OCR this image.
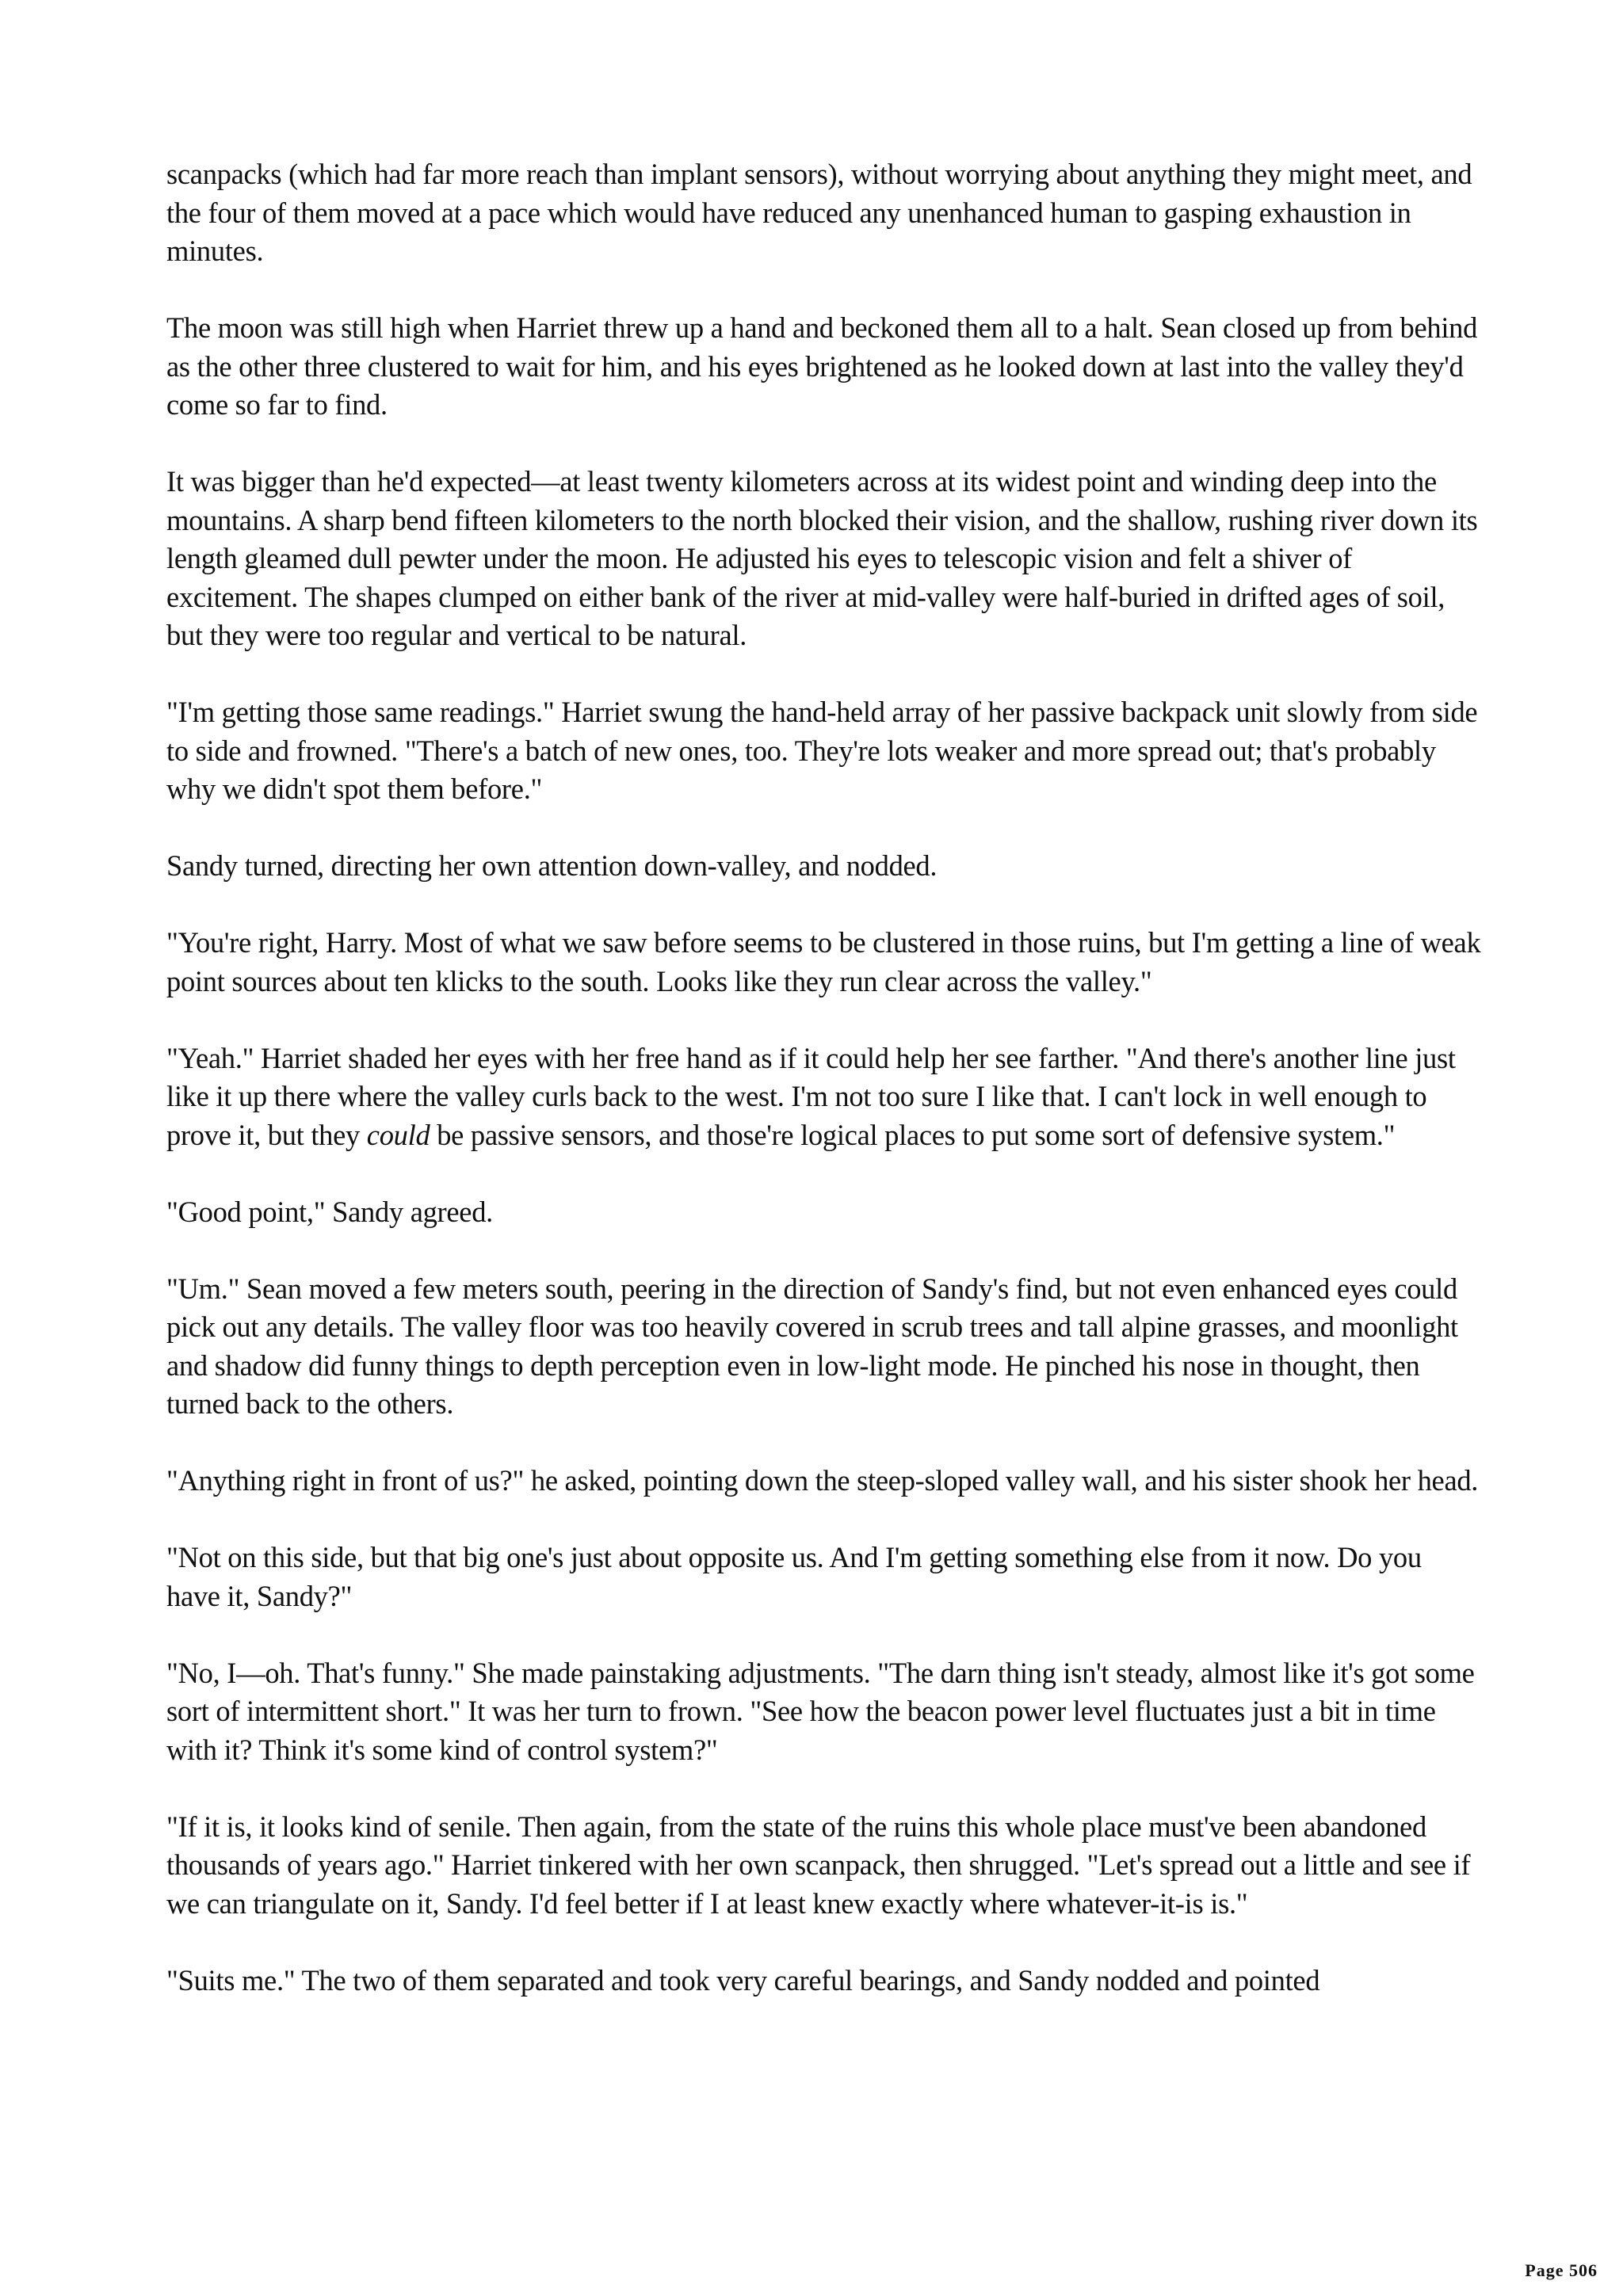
scanpacks (which had far more reach than implant sensors), without worrying about anything they might meet, and the four of them moved at a pace which would have reduced any unenhanced human to gasping exhaustion in minutes.

The moon was still high when Harriet threw up a hand and beckoned them all to a halt. Sean closed up from behind as the other three clustered to wait for him, and his eyes brightened as he looked down at last into the valley they'd come so far to find.

It was bigger than he'd expected—at least twenty kilometers across at its widest point and winding deep into the mountains. A sharp bend fifteen kilometers to the north blocked their vision, and the shallow, rushing river down its length gleamed dull pewter under the moon. He adjusted his eyes to telescopic vision and felt a shiver of excitement. The shapes clumped on either bank of the river at mid-valley were half-buried in drifted ages of soil, but they were too regular and vertical to be natural.

"I'm getting those same readings." Harriet swung the hand-held array of her passive backpack unit slowly from side to side and frowned. "There's a batch of new ones, too. They're lots weaker and more spread out; that's probably why we didn't spot them before."

Sandy turned, directing her own attention down-valley, and nodded.

"You're right, Harry. Most of what we saw before seems to be clustered in those ruins, but I'm getting a line of weak point sources about ten klicks to the south. Looks like they run clear across the valley."

"Yeah." Harriet shaded her eyes with her free hand as if it could help her see farther. "And there's another line just like it up there where the valley curls back to the west. I'm not too sure I like that. I can't lock in well enough to prove it, but they could be passive sensors, and those're logical places to put some sort of defensive system."

"Good point," Sandy agreed.

"Um." Sean moved a few meters south, peering in the direction of Sandy's find, but not even enhanced eyes could pick out any details. The valley floor was too heavily covered in scrub trees and tall alpine grasses, and moonlight and shadow did funny things to depth perception even in low-light mode. He pinched his nose in thought, then turned back to the others.

"Anything right in front of us?" he asked, pointing down the steep-sloped valley wall, and his sister shook her head.

"Not on this side, but that big one's just about opposite us. And I'm getting something else from it now. Do you have it, Sandy?"

"No, I—oh. That's funny." She made painstaking adjustments. "The darn thing isn't steady, almost like it's got some sort of intermittent short." It was her turn to frown. "See how the beacon power level fluctuates just a bit in time with it? Think it's some kind of control system?"

"If it is, it looks kind of senile. Then again, from the state of the ruins this whole place must've been abandoned thousands of years ago." Harriet tinkered with her own scanpack, then shrugged. "Let's spread out a little and see if we can triangulate on it, Sandy. I'd feel better if I at least knew exactly where whatever-it-is is."

"Suits me." The two of them separated and took very careful bearings, and Sandy nodded and pointed

Page 506
